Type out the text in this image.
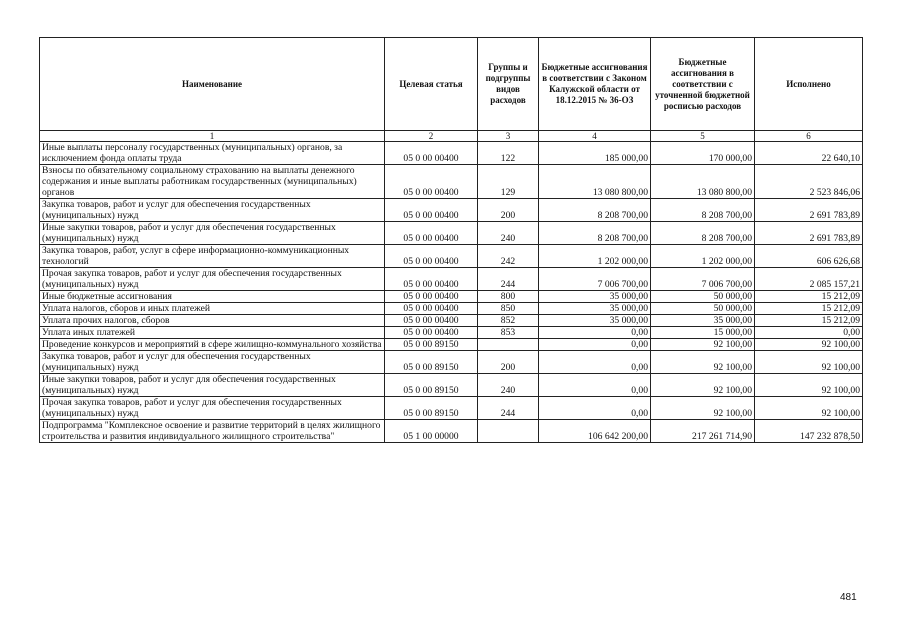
Наименование	Целевая статья	Группы и подгруппы видов расходов	Бюджетные ассигнования в соответствии с Законом Калужской области от 18.12.2015 № 36-ОЗ	Бюджетные ассигнования в соответствии с уточненной бюджетной росписью расходов	Исполнено
1	2	3	4	5	6
Иные выплаты персоналу государственных (муниципальных) органов, за исключением фонда оплаты труда	05 0 00 00400	122	185 000,00	170 000,00	22 640,10
Взносы по обязательному социальному страхованию на выплаты денежного содержания и иные выплаты работникам государственных (муниципальных) органов	05 0 00 00400	129	13 080 800,00	13 080 800,00	2 523 846,06
Закупка товаров, работ и услуг для обеспечения государственных (муниципальных) нужд	05 0 00 00400	200	8 208 700,00	8 208 700,00	2 691 783,89
Иные закупки товаров, работ и услуг для обеспечения государственных (муниципальных) нужд	05 0 00 00400	240	8 208 700,00	8 208 700,00	2 691 783,89
Закупка товаров, работ, услуг в сфере информационно-коммуникационных технологий	05 0 00 00400	242	1 202 000,00	1 202 000,00	606 626,68
Прочая закупка товаров, работ и услуг для обеспечения государственных (муниципальных) нужд	05 0 00 00400	244	7 006 700,00	7 006 700,00	2 085 157,21
Иные бюджетные ассигнования	05 0 00 00400	800	35 000,00	50 000,00	15 212,09
Уплата налогов, сборов и иных платежей	05 0 00 00400	850	35 000,00	50 000,00	15 212,09
Уплата прочих налогов, сборов	05 0 00 00400	852	35 000,00	35 000,00	15 212,09
Уплата иных платежей	05 0 00 00400	853	0,00	15 000,00	0,00
Проведение конкурсов и мероприятий в сфере жилищно-коммунального хозяйства	05 0 00 89150		0,00	92 100,00	92 100,00
Закупка товаров, работ и услуг для обеспечения государственных (муниципальных) нужд	05 0 00 89150	200	0,00	92 100,00	92 100,00
Иные закупки товаров, работ и услуг для обеспечения государственных (муниципальных) нужд	05 0 00 89150	240	0,00	92 100,00	92 100,00
Прочая закупка товаров, работ и услуг для обеспечения государственных (муниципальных) нужд	05 0 00 89150	244	0,00	92 100,00	92 100,00
Подпрограмма "Комплексное освоение и развитие территорий в целях жилищного строительства и развития индивидуального жилищного строительства"	05 1 00 00000		106 642 200,00	217 261 714,90	147 232 878,50
481
